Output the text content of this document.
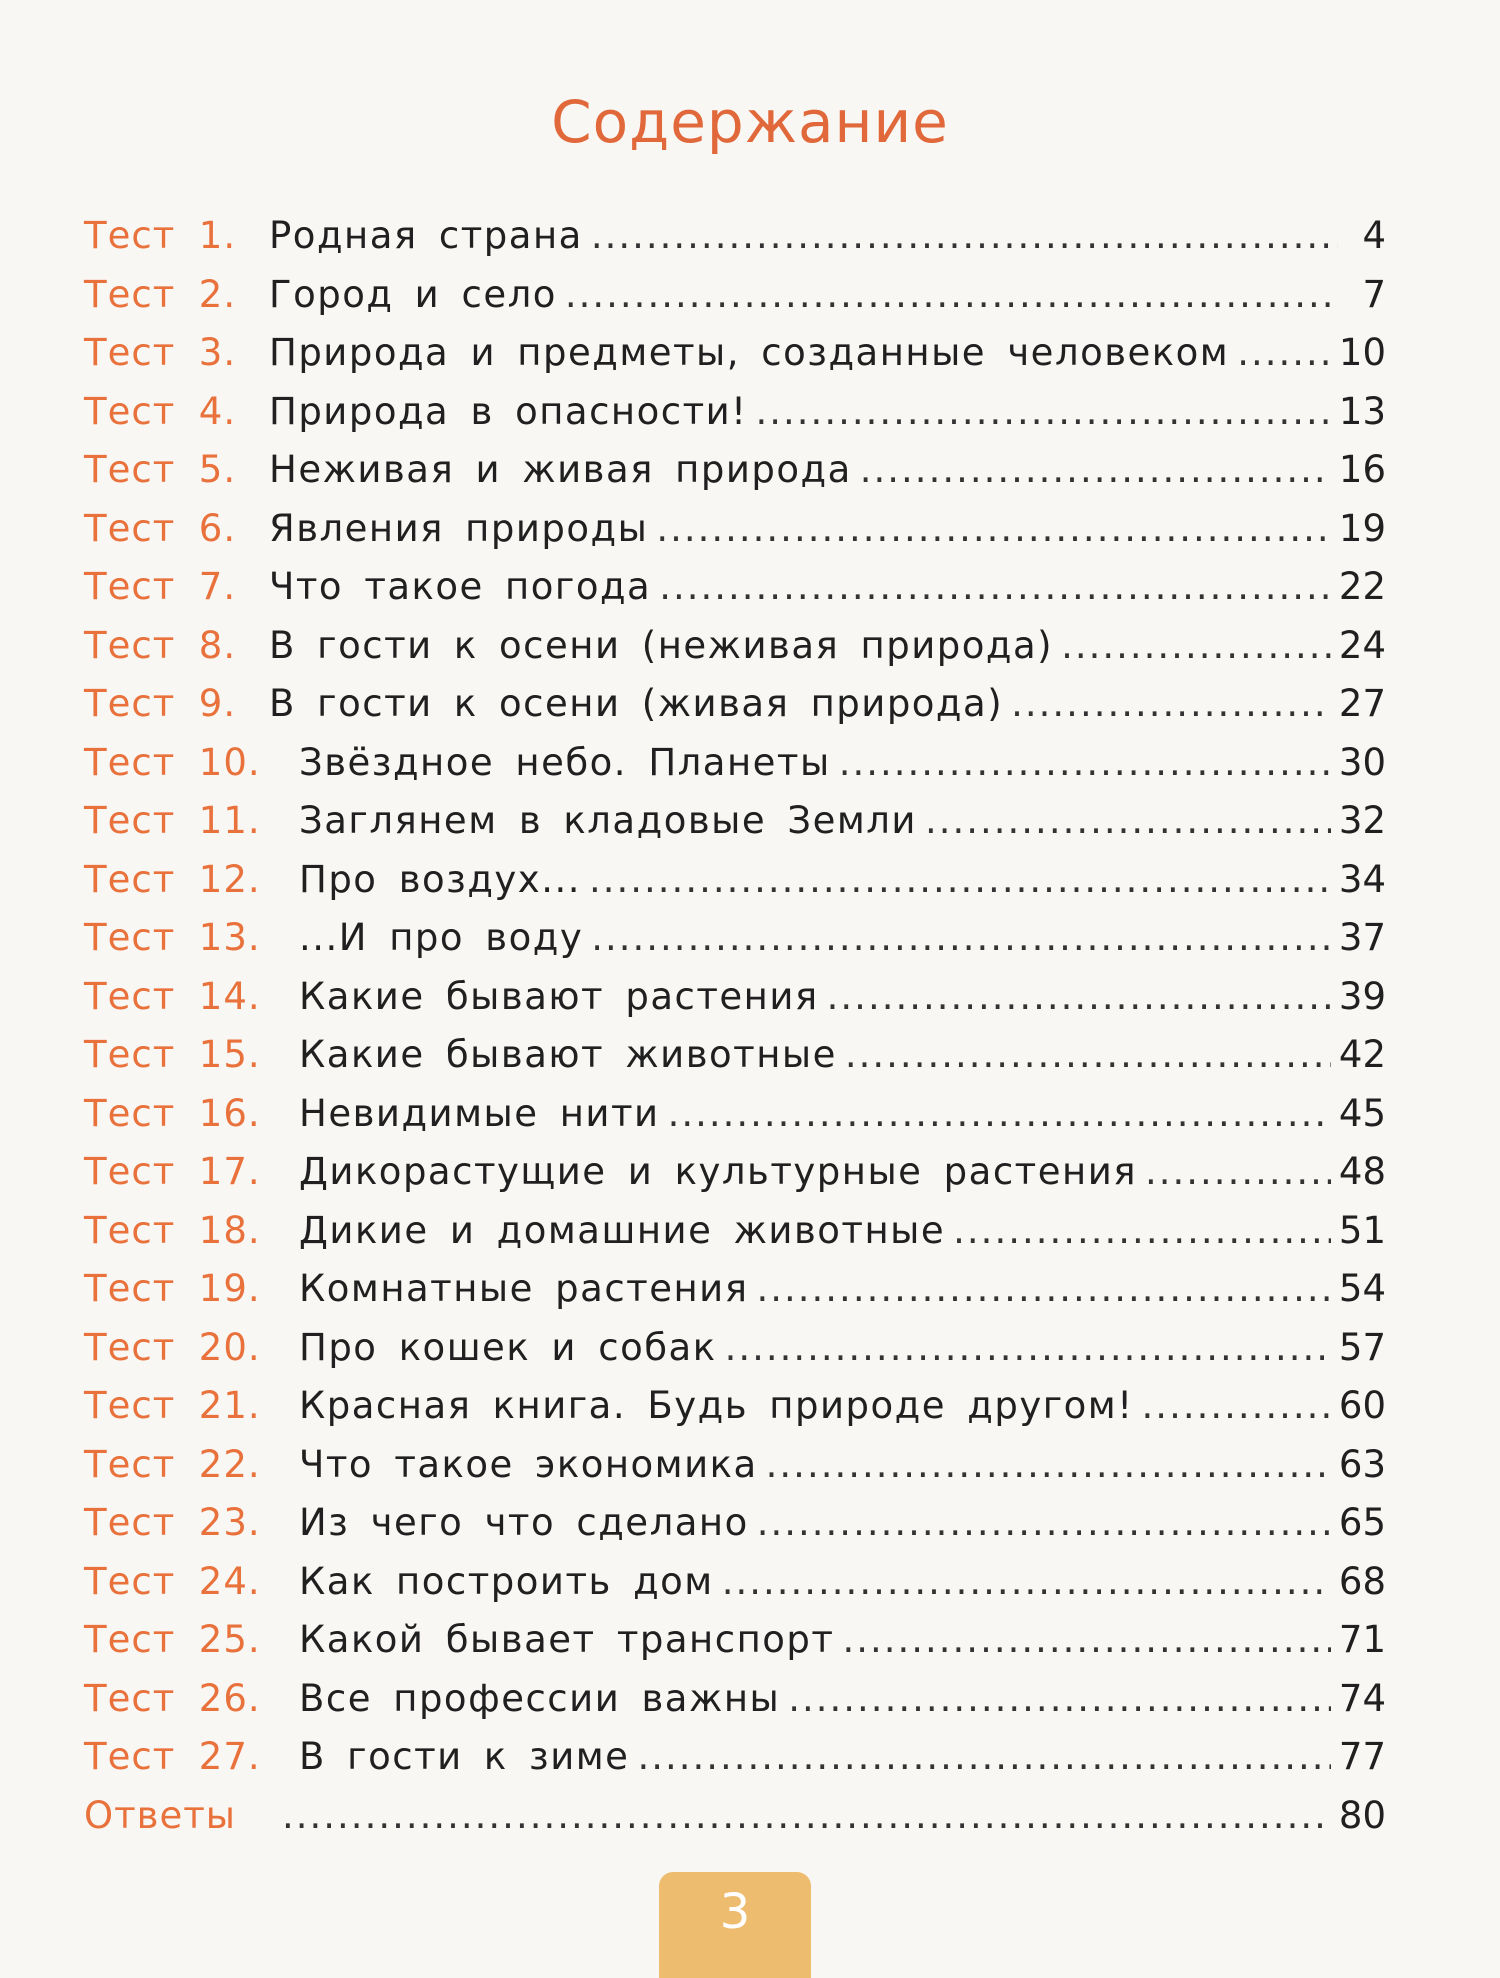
Содержание
Тест 1. Родная страна .....	4
Тест 2. Город и село .....	7
Тест 3. Природа и предметы, созданные человеком .....	10
Тест 4. Природа в опасности! .....	13
Тест 5. Неживая и живая природа .....	16
Тест 6. Явления природы .....	19
Тест 7. Что такое погода .....	22
Тест 8. В гости к осени (неживая природа) .....	24
Тест 9. В гости к осени (живая природа) .....	27
Тест 10.	Звёздное небо. Планеты .....	30
Тест 11.	Заглянем в кладовые Земли .....	32
Тест 12.	Про воздух... .....	34
Тест 13.	...И про воду .....	37
Тест 14.	Какие бывают растения .....	39
Тест 15.	Какие бывают животные .....	42
Тест 16.	Невидимые нити .....	45
Тест 17.	Дикорастущие и культурные растения .....	48
Тест 18.	Дикие и домашние животные .....	51
Тест 19.	Комнатные растения .....	54
Тест 20.	Про кошек и собак .....	57
Тест 21.	Красная книга. Будь природе другом! .....	60
Тест 22.	Что такое экономика .....	63
Тест 23.	Из чего что сделано .....	65
Тест 24.	Как построить дом .....	68
Тест 25.	Какой бывает транспорт .....	71
Тест 26.	Все профессии важны .....	74
Тест 27.	В гости к зиме .....	77
Ответы .....	80
3
